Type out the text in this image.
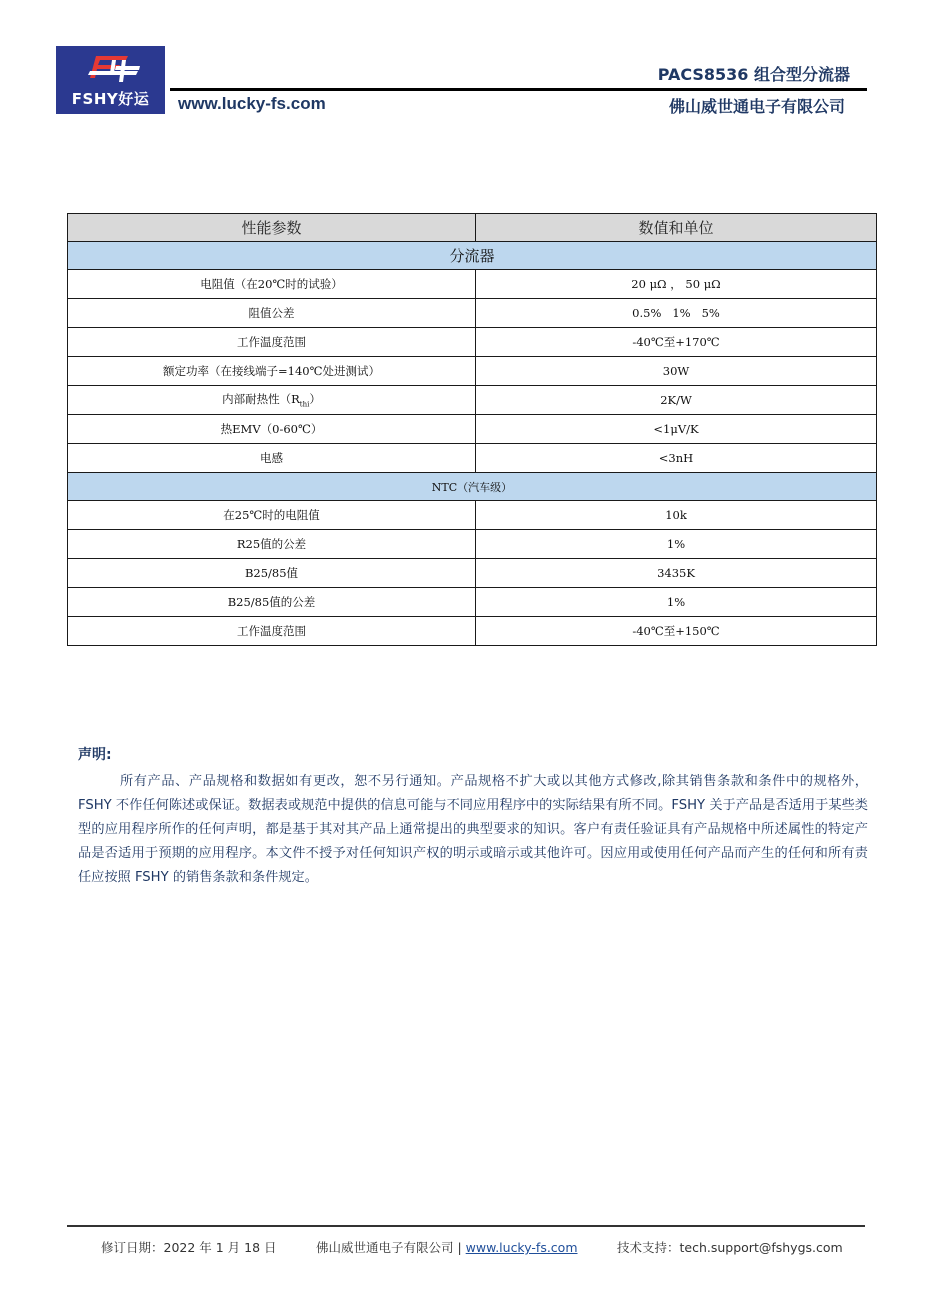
FSHY好运	www.lucky-fs.com
PACS8536 组合型分流器
佛山威世通电子有限公司
性能参数	数值和单位
分流器	
电阻值（在20℃时的试验）	20 μΩ ， 50 μΩ
阻值公差	0.5%   1%   5%
工作温度范围	-40℃至+170℃
额定功率（在接线端子=140℃处进测试）	30W
内部耐热性$(R_{thi})$	2K/W
热EMV（0-60℃）	<1μV/K
电感	<3nH
NTC（汽车级）	
在25℃时的电阻值	10k
R25值的公差	1%
B25/85值	3435K
B25/85值的公差	1%
工作温度范围	-40℃至+150℃
声明:

所有产品、产品规格和数据如有更改，恕不另行通知。产品规格不扩大或以其他方式修改,除其销售条款和条件中的规格外，FSHY 不作任何陈述或保证。数据表或规范中提供的信息可能与不同应用程序中的实际结果有所不同。FSHY 关于产品是否适用于某些类型的应用程序所作的任何声明，都是基于其对其产品上通常提出的典型要求的知识。客户有责任验证具有产品规格中所述属性的特定产品是否适用于预期的应用程序。本文件不授予对任何知识产权的明示或暗示或其他许可。因应用或使用任何产品而产生的任何和所有责任应按照 FSHY 的销售条款和条件规定。

修订日期：2022 年 1 月 18 日	佛山威世通电子有限公司 | www.lucky-fs.com	技术支持：tech.support@fshygs.com
